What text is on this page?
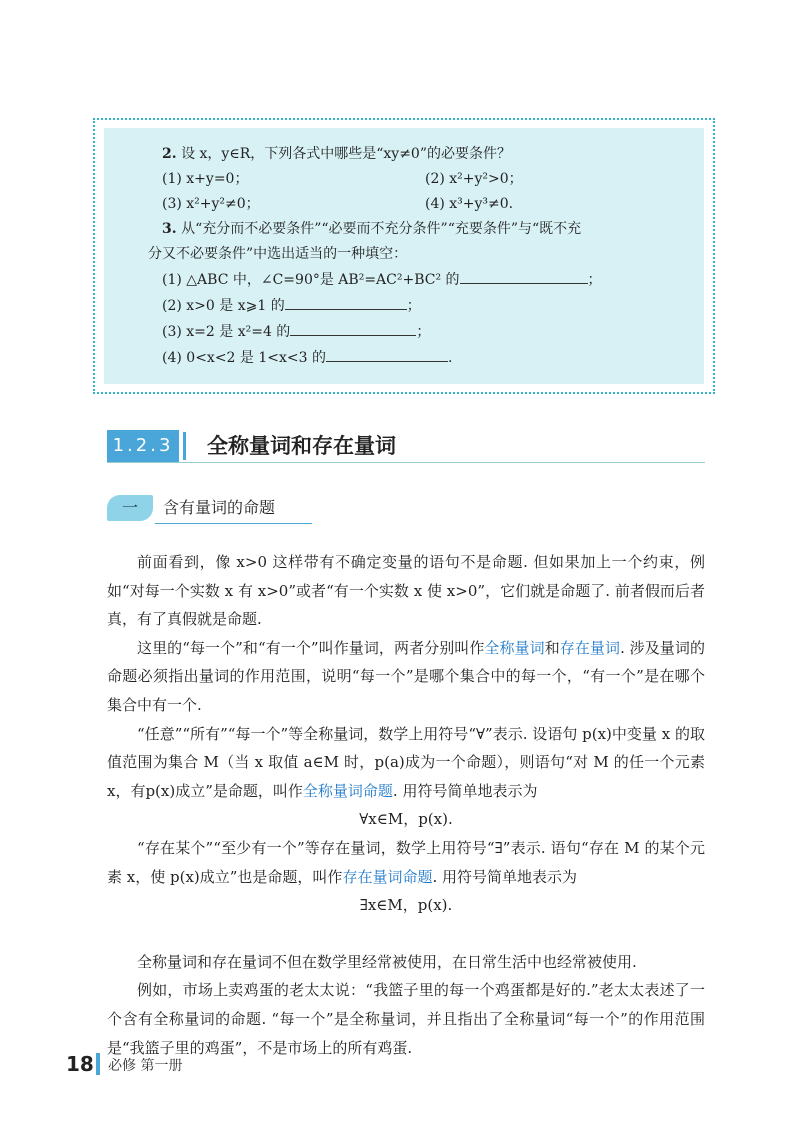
2. 设 x，y∈R，下列各式中哪些是“xy≠0”的必要条件？
(1) x+y=0；	(2) x²+y²>0；
(3) x²+y²≠0；	(4) x³+y³≠0.
3. 从“充分而不必要条件”“必要而不充分条件”“充要条件”与“既不充
分又不必要条件”中选出适当的一种填空：
(1) △ABC 中，∠C=90°是 AB²=AC²+BC² 的	；
(2) x>0 是 x⩾1 的	；
(3) x=2 是 x²=4 的	；
(4) 0<x<2 是 1<x<3 的	.
1.2.3 全称量词和存在量词
一	含有量词的命题

前面看到，像 x>0 这样带有不确定变量的语句不是命题. 但如果加上一个约束，例如“对每一个实数 x 有 x>0”或者“有一个实数 x 使 x>0”，它们就是命题了. 前者假而后者真，有了真假就是命题.

这里的“每一个”和“有一个”叫作量词，两者分别叫作全称量词和存在量词. 涉及量词的命题必须指出量词的作用范围，说明“每一个”是哪个集合中的每一个，“有一个”是在哪个集合中有一个.

“任意”“所有”“每一个”等全称量词，数学上用符号“∀”表示. 设语句 p(x)中变量 x 的取值范围为集合 M（当 x 取值 a∈M 时，p(a)成为一个命题），则语句“对 M 的任一个元素 x，有p(x)成立”是命题，叫作全称量词命题. 用符号简单地表示为

∀x∈M，p(x).

“存在某个”“至少有一个”等存在量词，数学上用符号“∃”表示. 语句“存在 M 的某个元素 x，使 p(x)成立”也是命题，叫作存在量词命题. 用符号简单地表示为

∃x∈M，p(x).

全称量词和存在量词不但在数学里经常被使用，在日常生活中也经常被使用.

例如，市场上卖鸡蛋的老太太说：“我篮子里的每一个鸡蛋都是好的.”老太太表述了一个含有全称量词的命题. “每一个”是全称量词，并且指出了全称量词“每一个”的作用范围是“我篮子里的鸡蛋”，不是市场上的所有鸡蛋.

18 必修 第一册
